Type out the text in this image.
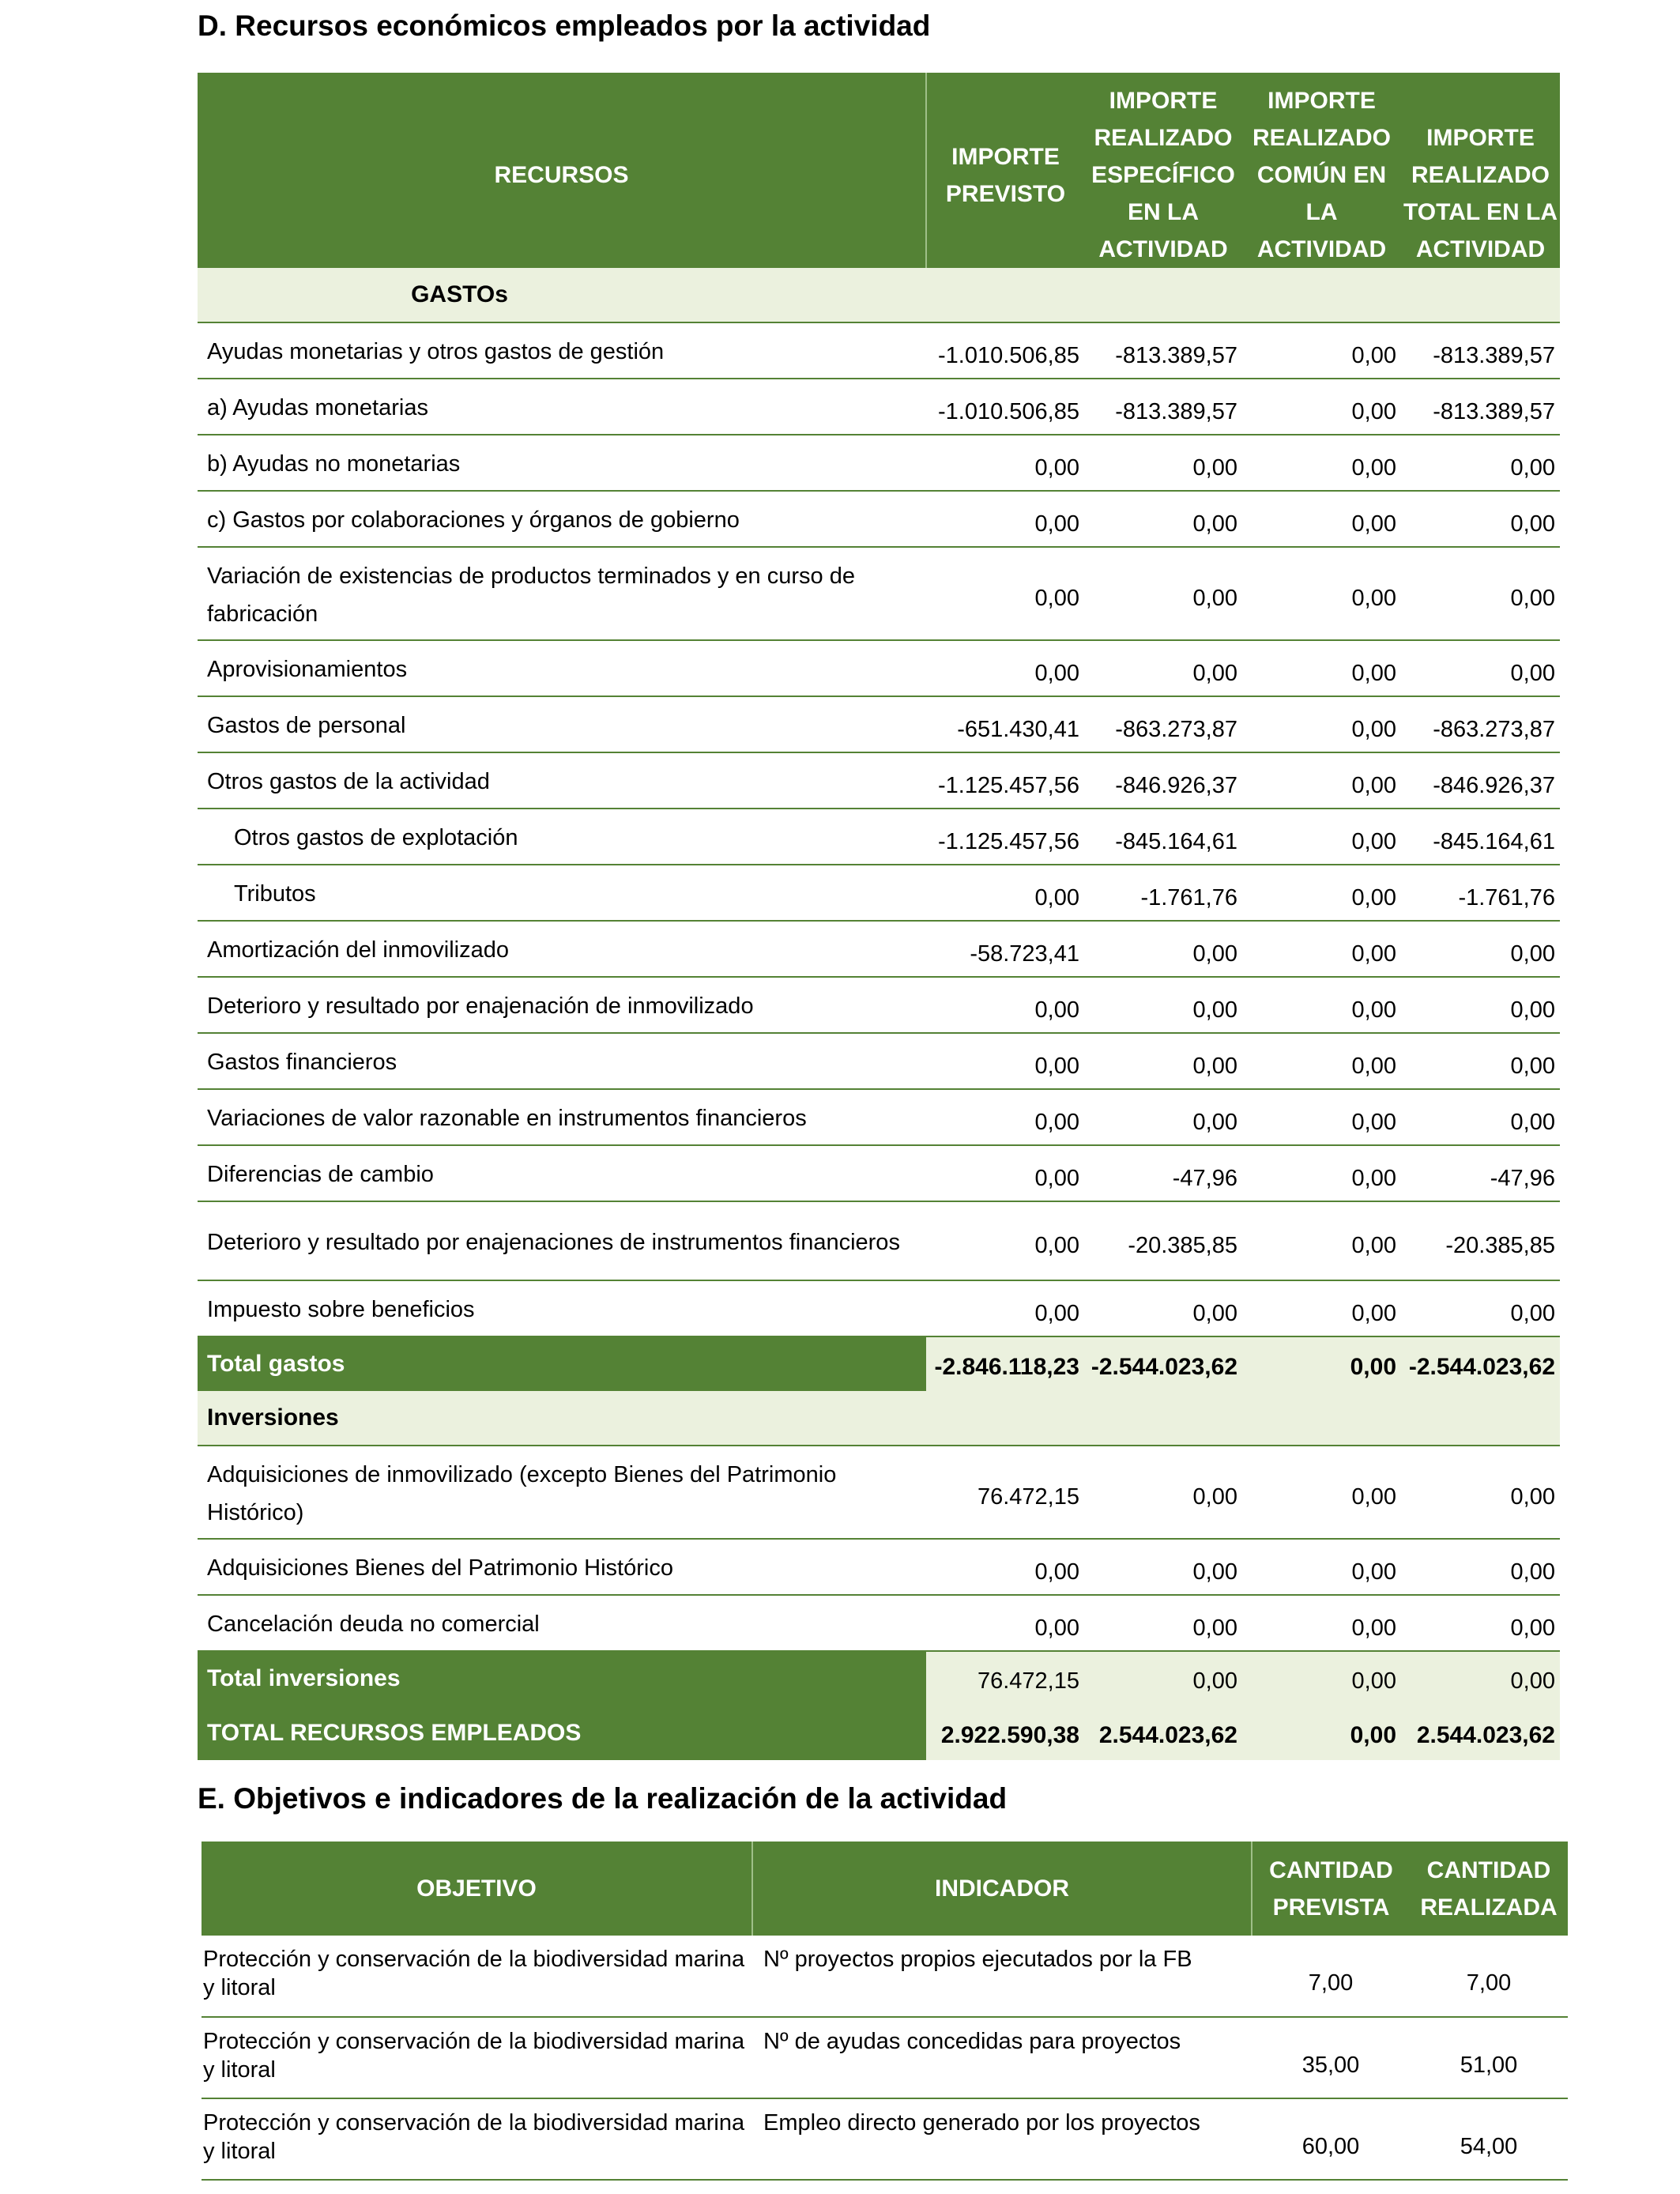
D. Recursos económicos empleados por la actividad
RECURSOS	IMPORTE PREVISTO	IMPORTE REALIZADO ESPECÍFICO EN LA ACTIVIDAD	IMPORTE REALIZADO COMÚN EN LA ACTIVIDAD	IMPORTE REALIZADO TOTAL EN LA ACTIVIDAD
GASTOs				
Ayudas monetarias y otros gastos de gestión	-1.010.506,85	-813.389,57	0,00	-813.389,57
a) Ayudas monetarias	-1.010.506,85	-813.389,57	0,00	-813.389,57
b) Ayudas no monetarias	0,00	0,00	0,00	0,00
c) Gastos por colaboraciones y órganos de gobierno	0,00	0,00	0,00	0,00
Variación de existencias de productos terminados y en curso de fabricación	0,00	0,00	0,00	0,00
Aprovisionamientos	0,00	0,00	0,00	0,00
Gastos de personal	-651.430,41	-863.273,87	0,00	-863.273,87
Otros gastos de la actividad	-1.125.457,56	-846.926,37	0,00	-846.926,37
Otros gastos de explotación	-1.125.457,56	-845.164,61	0,00	-845.164,61
Tributos	0,00	-1.761,76	0,00	-1.761,76
Amortización del inmovilizado	-58.723,41	0,00	0,00	0,00
Deterioro y resultado por enajenación de inmovilizado	0,00	0,00	0,00	0,00
Gastos financieros	0,00	0,00	0,00	0,00
Variaciones de valor razonable en instrumentos financieros	0,00	0,00	0,00	0,00
Diferencias de cambio	0,00	-47,96	0,00	-47,96
Deterioro y resultado por enajenaciones de instrumentos financieros	0,00	-20.385,85	0,00	-20.385,85
Impuesto sobre beneficios	0,00	0,00	0,00	0,00
Total gastos	-2.846.118,23	-2.544.023,62	0,00	-2.544.023,62
Inversiones				
Adquisiciones de inmovilizado (excepto Bienes del Patrimonio Histórico)	76.472,15	0,00	0,00	0,00
Adquisiciones Bienes del Patrimonio Histórico	0,00	0,00	0,00	0,00
Cancelación deuda no comercial	0,00	0,00	0,00	0,00
Total inversiones	76.472,15	0,00	0,00	0,00
TOTAL RECURSOS EMPLEADOS	2.922.590,38	2.544.023,62	0,00	2.544.023,62
E. Objetivos e indicadores de la realización de la actividad
OBJETIVO	INDICADOR	CANTIDAD PREVISTA	CANTIDAD REALIZADA
Protección y conservación de la biodiversidad marina y litoral	Nº proyectos propios ejecutados por la FB	7,00	7,00
Protección y conservación de la biodiversidad marina y litoral	Nº de ayudas concedidas para proyectos	35,00	51,00
Protección y conservación de la biodiversidad marina y litoral	Empleo directo generado por los proyectos	60,00	54,00
